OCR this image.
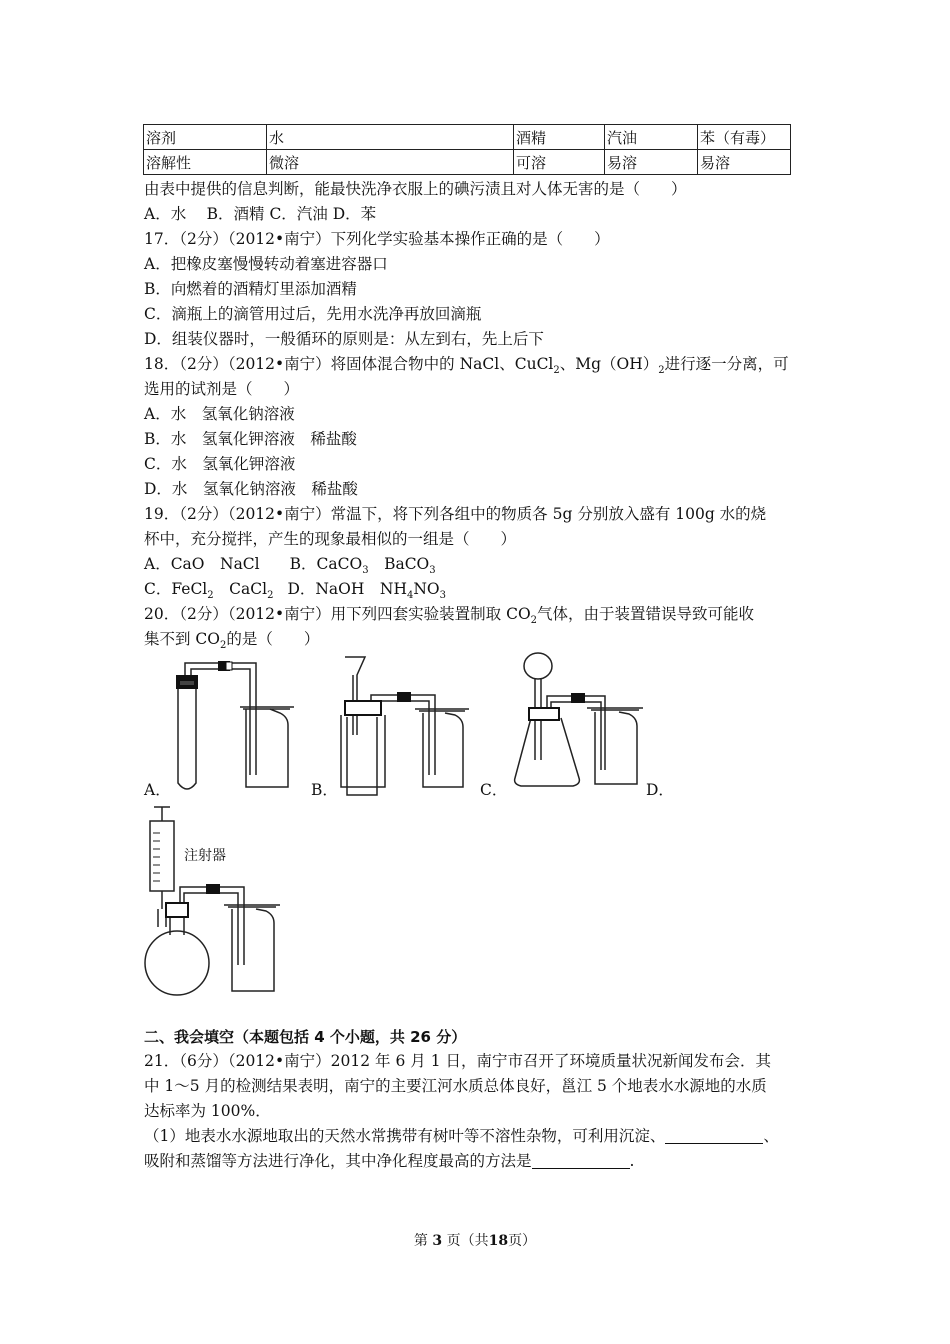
溶剂	水	酒精	汽油	苯（有毒）
溶解性	微溶	可溶	易溶	易溶
由表中提供的信息判断，能最快洗净衣服上的碘污渍且对人体无害的是（　　）
A．水　 B．酒精 C．汽油 D．苯
17．（2分）（2012•南宁）下列化学实验基本操作正确的是（　　）
A．把橡皮塞慢慢转动着塞进容器口
B．向燃着的酒精灯里添加酒精
C．滴瓶上的滴管用过后，先用水洗净再放回滴瓶
D．组装仪器时，一般循环的原则是：从左到右，先上后下
18．（2分）（2012•南宁）将固体混合物中的 NaCl、CuCl$_2$、$Mg(OH)_2$进行逐一分离，可
选用的试剂是（　　）
A．水　氢氧化钠溶液
B．水　氢氧化钾溶液　稀盐酸
C．水　氢氧化钾溶液
D．水　氢氧化钠溶液　稀盐酸
19．（2分）（2012•南宁）常温下，将下列各组中的物质各 5g 分别放入盛有 100g 水的烧
杯中，充分搅拌，产生的现象最相似的一组是（　　）
A．CaO　NaCl B．CaCO$_3$　BaCO$_3$
C．FeCl$_2$　CaCl$_2$ D．NaOH　$NH_4NO_3$
20．（2分）（2012•南宁）用下列四套实验装置制取 $CO_2$气体，由于装置错误导致可能收
集不到 $CO_2$的是（　　）
A．	B．	C．	D．
注射器
二、我会填空（本题包括 4 个小题，共 26 分）
21．（6分）（2012•南宁）2012 年 6 月 1 日，南宁市召开了环境质量状况新闻发布会．其
中 1～5 月的检测结果表明，南宁的主要江河水质总体良好，邕江 5 个地表水水源地的水质
达标率为 100%．
（1）地表水水源地取出的天然水常携带有树叶等不溶性杂物，可利用沉淀、	、
吸附和蒸馏等方法进行净化，其中净化程度最高的方法是	.
第 3 页（共18页）
